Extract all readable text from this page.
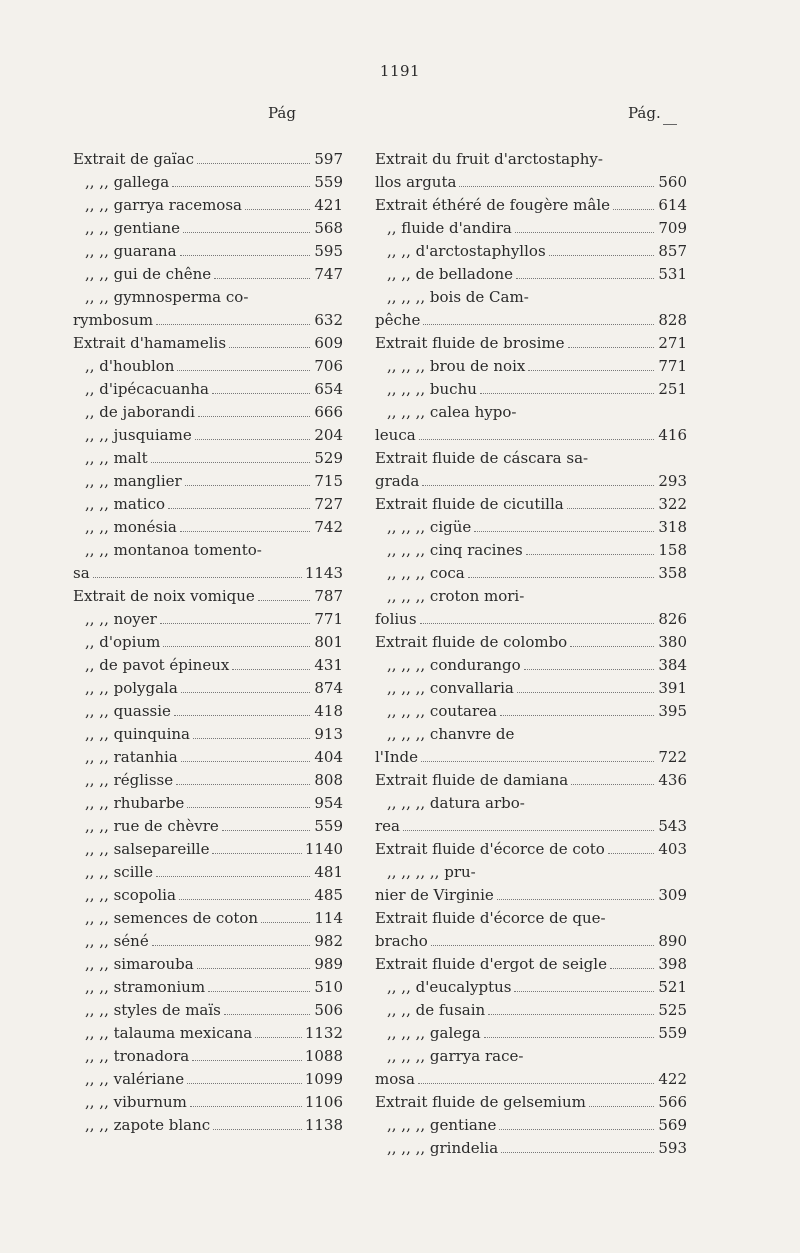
1191
Pág	Pág.
Extrait de gaïac	597
,, ,, gallega	559
,, ,, garrya racemosa	421
,, ,, gentiane	568
,, ,, guarana	595
,, ,, gui de chêne	747
,, ,, gymnosperma co-
rymbosum	632
Extrait d'hamamelis	609
,, d'houblon	706
,, d'ipécacuanha	654
,, de jaborandi	666
,, ,, jusquiame	204
,, ,, malt	529
,, ,, manglier	715
,, ,, matico	727
,, ,, monésia	742
,, ,, montanoa tomento-
sa	1143
Extrait de noix vomique	787
,, ,, noyer	771
,, d'opium	801
,, de pavot épineux	431
,, ,, polygala	874
,, ,, quassie	418
,, ,, quinquina	913
,, ,, ratanhia	404
,, ,, réglisse	808
,, ,, rhubarbe	954
,, ,, rue de chèvre	559
,, ,, salsepareille	1140
,, ,, scille	481
,, ,, scopolia	485
,, ,, semences de coton	114
,, ,, séné	982
,, ,, simarouba	989
,, ,, stramonium	510
,, ,, styles de maïs	506
,, ,, talauma mexicana	1132
,, ,, tronadora	1088
,, ,, valériane	1099
,, ,, viburnum	1106
,, ,, zapote blanc	1138
Extrait du fruit d'arctostaphy-
llos arguta	560
Extrait éthéré de fougère mâle	614
,, fluide d'andira	709
,, ,, d'arctostaphyllos	857
,, ,, de belladone	531
,, ,, ,, bois de Cam-
pêche	828
Extrait fluide de brosime	271
,, ,, ,, brou de noix	771
,, ,, ,, buchu	251
,, ,, ,, calea hypo-
leuca	416
Extrait fluide de cáscara sa-
grada	293
Extrait fluide de cicutilla	322
,, ,, ,, cigüe	318
,, ,, ,, cinq racines	158
,, ,, ,, coca	358
,, ,, ,, croton mori-
folius	826
Extrait fluide de colombo	380
,, ,, ,, condurango	384
,, ,, ,, convallaria	391
,, ,, ,, coutarea	395
,, ,, ,, chanvre de
l'Inde	722
Extrait fluide de damiana	436
,, ,, ,, datura arbo-
rea	543
Extrait fluide d'écorce de coto	403
,, ,, ,, ,, pru-
nier de Virginie	309
Extrait fluide d'écorce de que-
bracho	890
Extrait fluide d'ergot de seigle	398
,, ,, d'eucalyptus	521
,, ,, de fusain	525
,, ,, ,, galega	559
,, ,, ,, garrya race-
mosa	422
Extrait fluide de gelsemium	566
,, ,, ,, gentiane	569
,, ,, ,, grindelia	593
